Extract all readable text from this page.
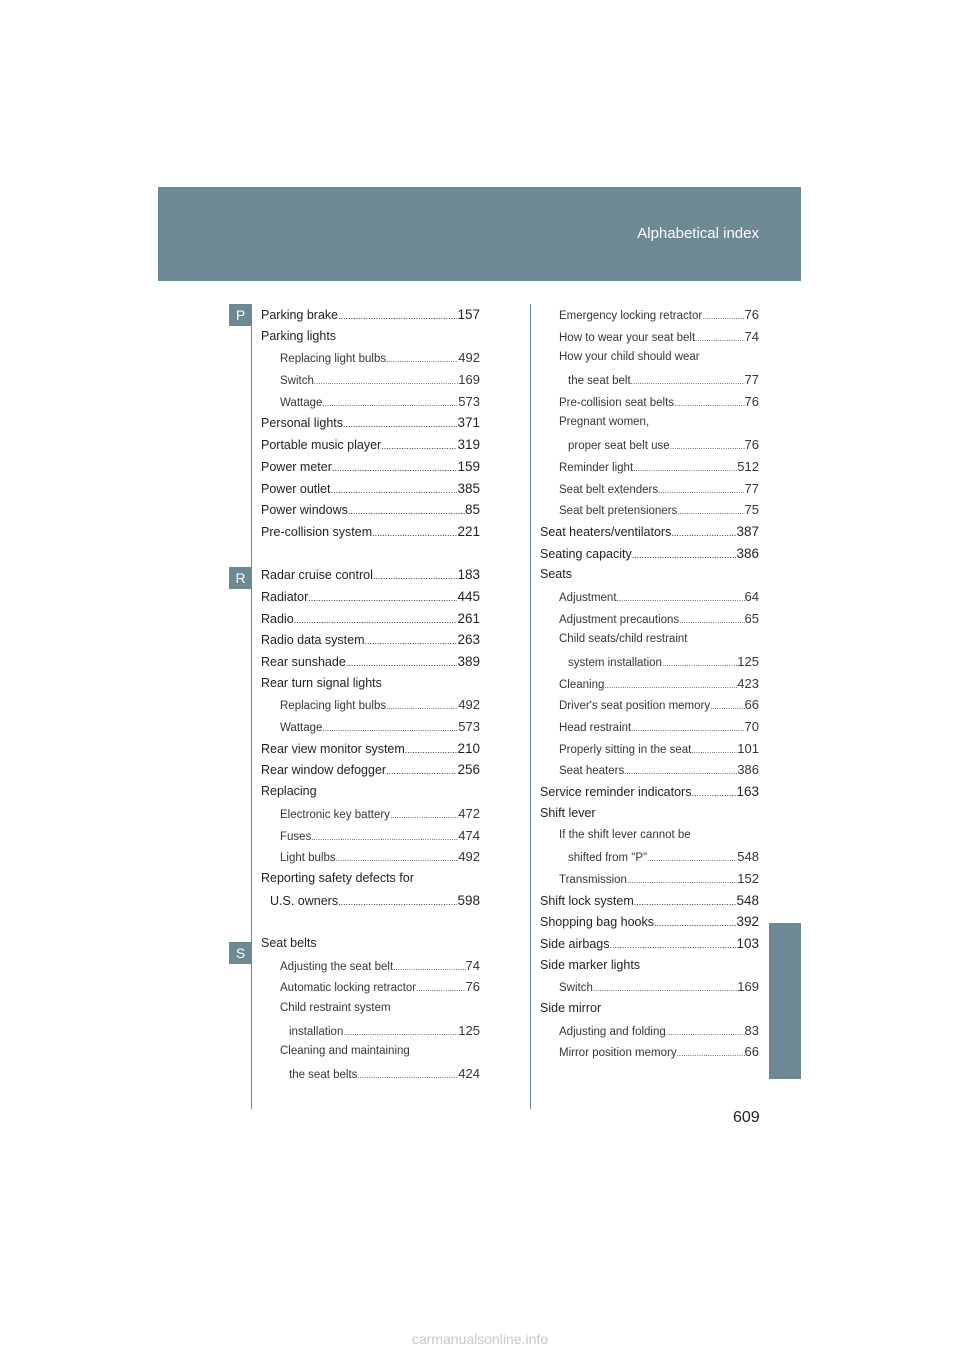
Alphabetical index
P
R
S
Parking brake .....	157
Parking lights
Replacing light bulbs .....	492
Switch .....	169
Wattage .....	573
Personal lights .....	371
Portable music player .....	319
Power meter .....	159
Power outlet .....	385
Power windows .....	85
Pre-collision system .....	221
Radar cruise control .....	183
Radiator .....	445
Radio .....	261
Radio data system .....	263
Rear sunshade .....	389
Rear turn signal lights
Replacing light bulbs .....	492
Wattage .....	573
Rear view monitor system .....	210
Rear window defogger .....	256
Replacing
Electronic key battery .....	472
Fuses .....	474
Light bulbs .....	492
Reporting safety defects for
U.S. owners .....	598
Seat belts
Adjusting the seat belt .....	74
Automatic locking retractor .....	76
Child restraint system
installation .....	125
Cleaning and maintaining
the seat belts .....	424
Emergency locking retractor .....	76
How to wear your seat belt .....	74
How your child should wear
the seat belt .....	77
Pre-collision seat belts .....	76
Pregnant women,
proper seat belt use .....	76
Reminder light .....	512
Seat belt extenders .....	77
Seat belt pretensioners .....	75
Seat heaters/ventilators .....	387
Seating capacity .....	386
Seats
Adjustment .....	64
Adjustment precautions .....	65
Child seats/child restraint
system installation .....	125
Cleaning .....	423
Driver's seat position memory .....	66
Head restraint .....	70
Properly sitting in the seat .....	101
Seat heaters .....	386
Service reminder indicators .....	163
Shift lever
If the shift lever cannot be
shifted from "P" .....	548
Transmission .....	152
Shift lock system .....	548
Shopping bag hooks .....	392
Side airbags .....	103
Side marker lights
Switch .....	169
Side mirror
Adjusting and folding .....	83
Mirror position memory .....	66
609
carmanualsonline.info
